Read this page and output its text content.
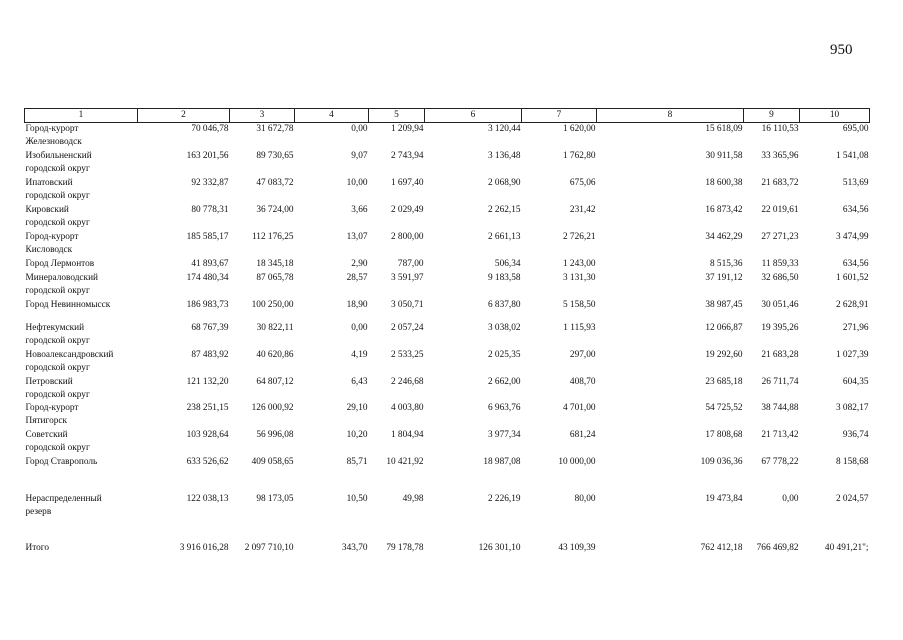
950
1	2	3	4	5	6	7	8	9	10

Город-курорт
Железноводск	70 046,78	31 672,78	0,00	1 209,94	3 120,44	1 620,00	15 618,09	16 110,53	695,00

Изобильненский
городской округ	163 201,56	89 730,65	9,07	2 743,94	3 136,48	1 762,80	30 911,58	33 365,96	1 541,08

Ипатовский
городской округ	92 332,87	47 083,72	10,00	1 697,40	2 068,90	675,06	18 600,38	21 683,72	513,69

Кировский
городской округ	80 778,31	36 724,00	3,66	2 029,49	2 262,15	231,42	16 873,42	22 019,61	634,56

Город-курорт
Кисловодск	185 585,17	112 176,25	13,07	2 800,00	2 661,13	2 726,21	34 462,29	27 271,23	3 474,99

Город Лермонтов	41 893,67	18 345,18	2,90	787,00	506,34	1 243,00	8 515,36	11 859,33	634,56

Минераловодский
городской округ	174 480,34	87 065,78	28,57	3 591,97	9 183,58	3 131,30	37 191,12	32 686,50	1 601,52

Город Невинномысск	186 983,73	100 250,00	18,90	3 050,71	6 837,80	5 158,50	38 987,45	30 051,46	2 628,91

Нефтекумский
городской округ	68 767,39	30 822,11	0,00	2 057,24	3 038,02	1 115,93	12 066,87	19 395,26	271,96

Новоалександровский
городской округ	87 483,92	40 620,86	4,19	2 533,25	2 025,35	297,00	19 292,60	21 683,28	1 027,39

Петровский
городской округ	121 132,20	64 807,12	6,43	2 246,68	2 662,00	408,70	23 685,18	26 711,74	604,35

Город-курорт
Пятигорск	238 251,15	126 000,92	29,10	4 003,80	6 963,76	4 701,00	54 725,52	38 744,88	3 082,17

Советский
городской округ	103 928,64	56 996,08	10,20	1 804,94	3 977,34	681,24	17 808,68	21 713,42	936,74

Город Ставрополь	633 526,62	409 058,65	85,71	10 421,92	18 987,08	10 000,00	109 036,36	67 778,22	8 158,68

Нераспределенный
резерв	122 038,13	98 173,05	10,50	49,98	2 226,19	80,00	19 473,84	0,00	2 024,57

Итого	3 916 016,28	2 097 710,10	343,70	79 178,78	126 301,10	43 109,39	762 412,18	766 469,82	40 491,21";
